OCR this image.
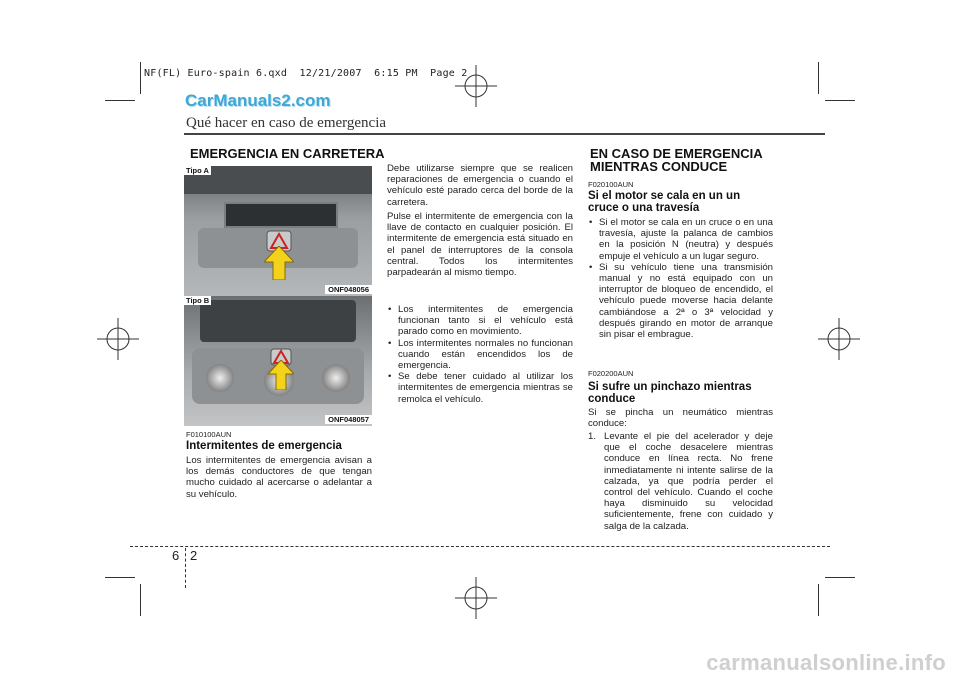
NF(FL) Euro-spain 6.qxd  12/21/2007  6:15 PM  Page 2
CarManuals2.com
Qué hacer en caso de emergencia
EMERGENCIA EN CARRETERA
Tipo A
ONF048056
Tipo B
ONF048057
F010100AUN
Intermitentes de emergencia
Los intermitentes de emergencia avisan a los demás conductores de que tengan mucho cuidado al acercarse o adelantar a su vehículo.
Debe utilizarse siempre que se realicen reparaciones de emergencia o cuando el vehículo esté parado cerca del borde de la carretera.
Pulse el intermitente de emergencia con la llave de contacto en cualquier posición. El intermitente de emergencia está situado en el panel de interruptores de la consola central. Todos los intermitentes parpadearán al mismo tiempo.
• Los intermitentes de emergencia funcionan tanto si el vehículo está parado como en movimiento.
• Los intermitentes normales no funcionan cuando están encendidos los de emergencia.
• Se debe tener cuidado al utilizar los intermitentes de emergencia mientras se remolca el vehículo.
EN CASO DE EMERGENCIA
MIENTRAS CONDUCE
F020100AUN
Si el motor se cala en un un
cruce o una travesía
• Si el motor se cala en un cruce o en una travesía, ajuste la palanca de cambios en la posición N (neutra) y después empuje el vehículo a un lugar seguro.
• Si su vehículo tiene una transmisión manual y no está equipado con un interruptor de bloqueo de encendido, el vehículo puede moverse hacia delante cambiándose a 2ª o 3ª velocidad y después girando en motor de arranque sin pisar el embrague.
F020200AUN
Si sufre un pinchazo mientras
conduce
Si se pincha un neumático mientras conduce:
1. Levante el pie del acelerador y deje que el coche desacelere mientras conduce en línea recta. No frene inmediatamente ni intente salirse de la calzada, ya que podría perder el control del vehículo. Cuando el coche haya disminuido su velocidad suficientemente, frene con cuidado y salga de la calzada.
6 2
carmanualsonline.info
